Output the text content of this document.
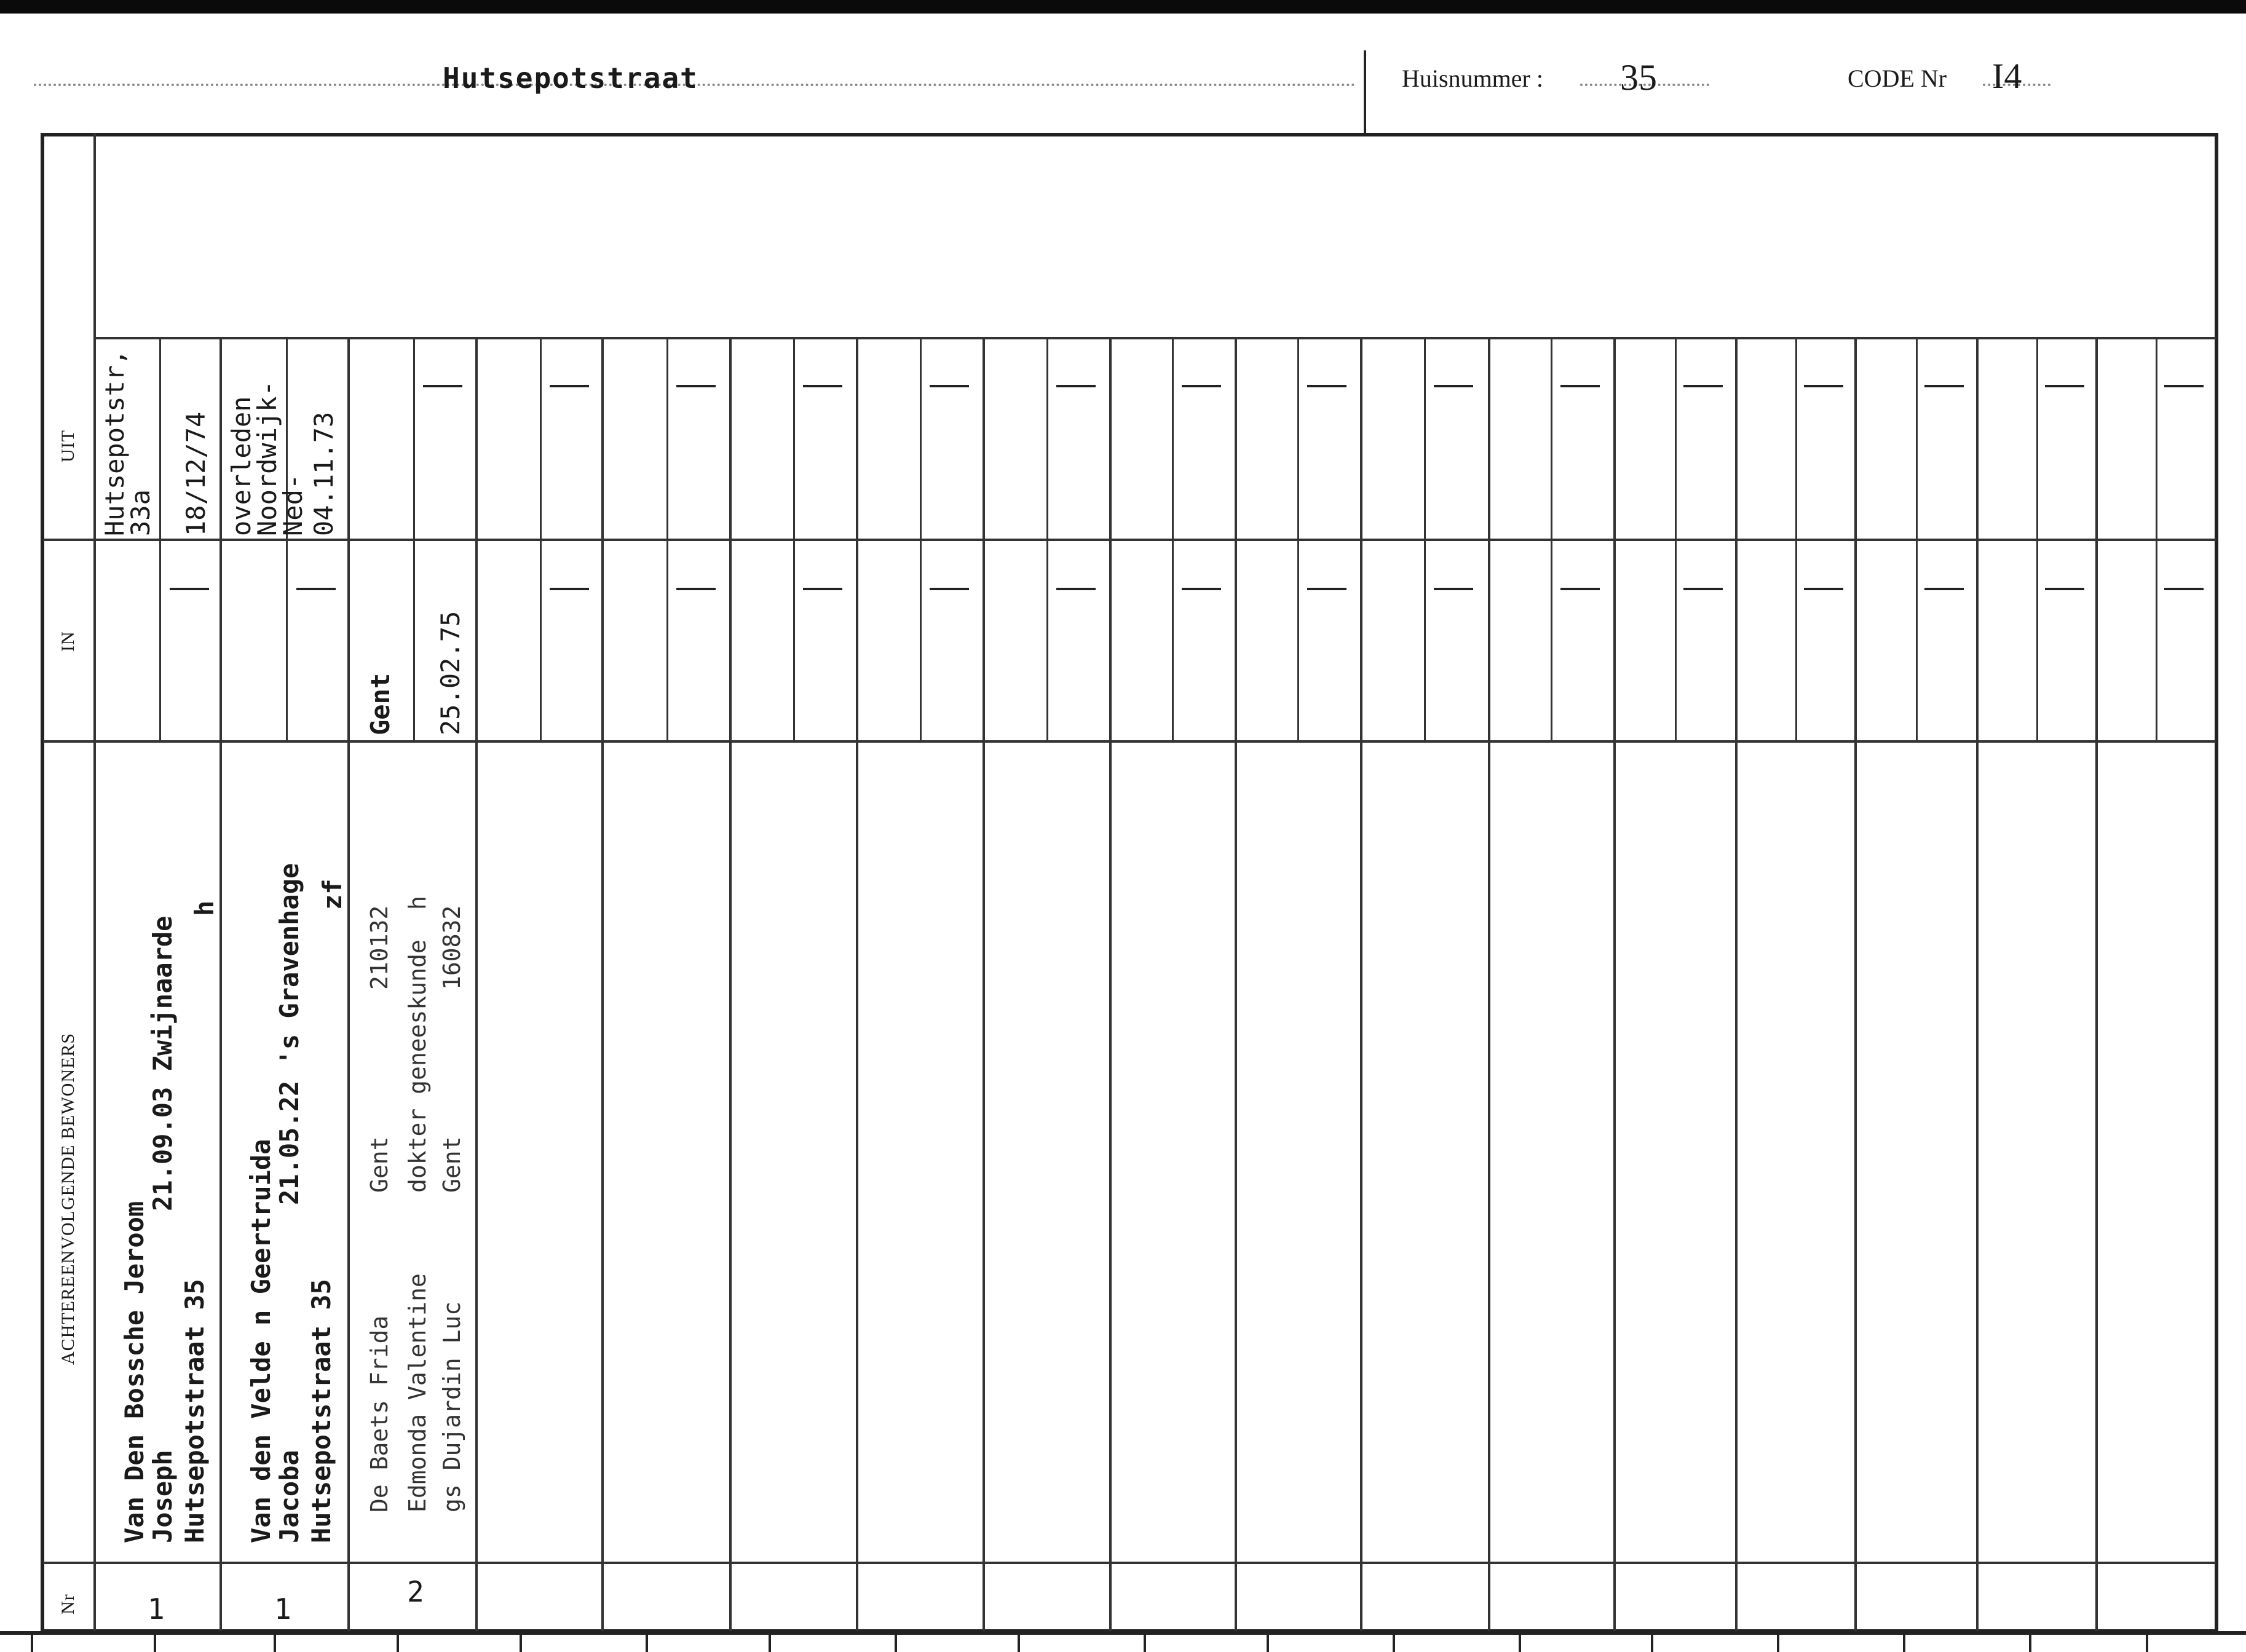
Hutsepotstraat	Huisnummer : 35	CODE Nr I4
UIT
IN
ACHTEREENVOLGENDE BEWONERS
Nr
Hutsepotstr, 33a 18/12/74
Van Den Bossche Jeroom
Joseph
21.09.03 Zwijnaarde
Hutsepotstraat 35
h
1
overleden Noordwijk-Ned- 04.11.73
Van den Velde n Geertruida
Jacoba
21.05.22 's Gravenhage
Hutsepotstraat 35
zf
1
Gent 25.02.75
De Baets Frida
Gent
210132
Edmonda Valentine
dokter geneeskunde
h
gs Dujardin Luc
Gent
160832
2
